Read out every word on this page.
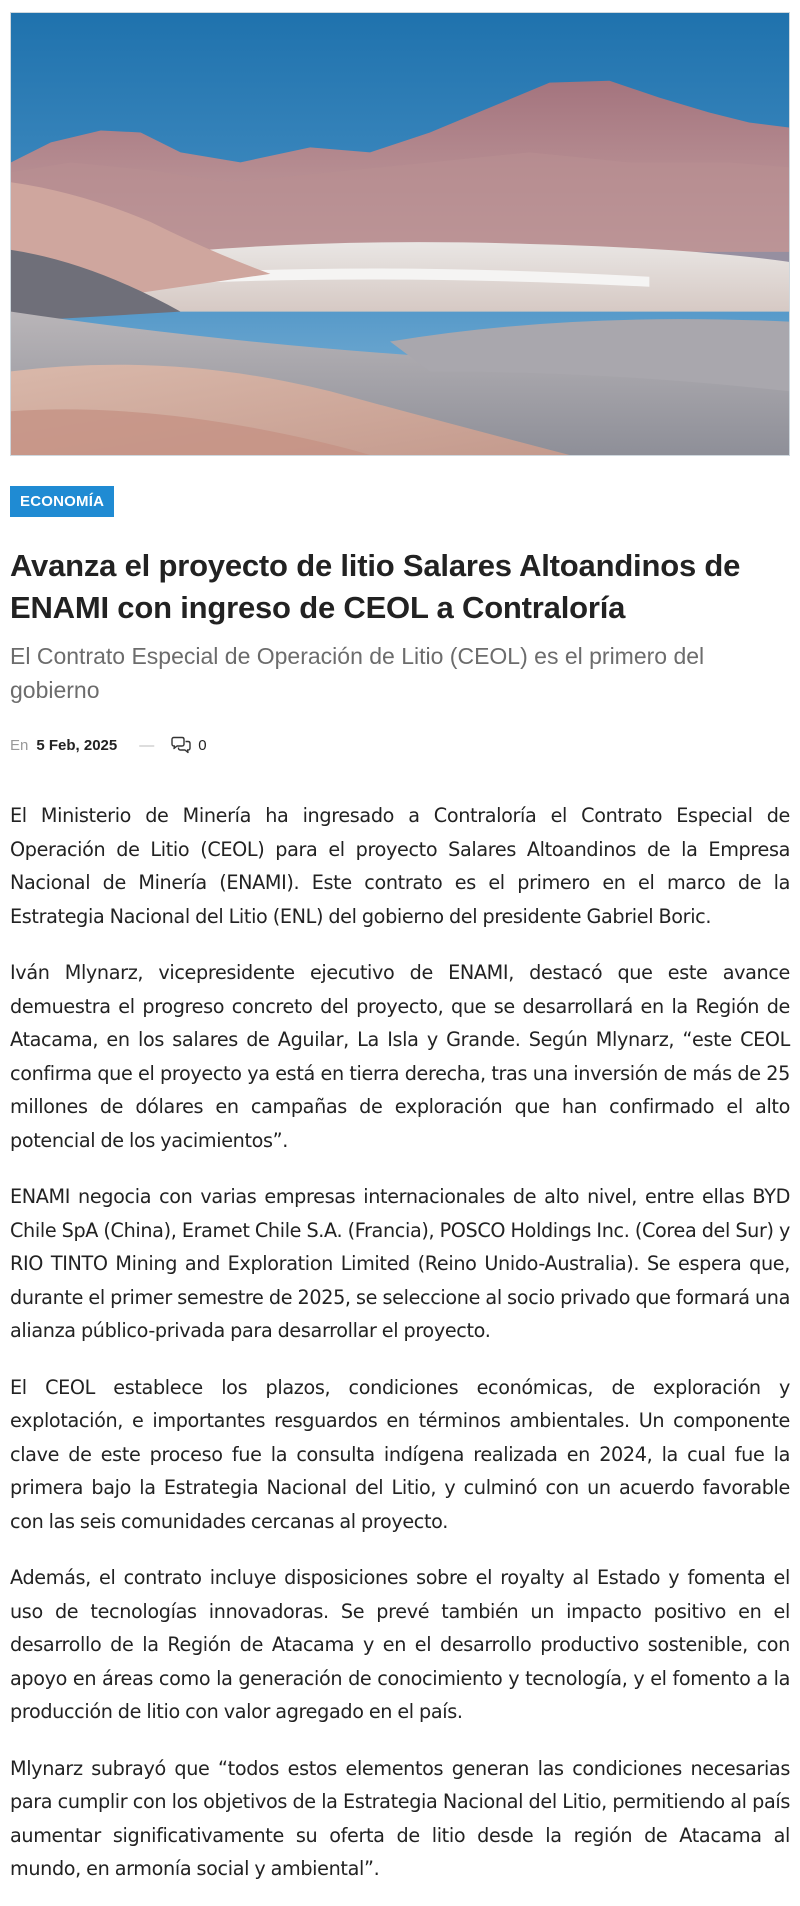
ECONOMÍA
Avanza el proyecto de litio Salares Altoandinos de ENAMI con ingreso de CEOL a Contraloría
El Contrato Especial de Operación de Litio (CEOL) es el primero del gobierno
En 5 Feb, 2025 —	0

El Ministerio de Minería ha ingresado a Contraloría el Contrato Especial de Operación de Litio (CEOL) para el proyecto Salares Altoandinos de la Empresa Nacional de Minería (ENAMI). Este contrato es el primero en el marco de la Estrategia Nacional del Litio (ENL) del gobierno del presidente Gabriel Boric.

Iván Mlynarz, vicepresidente ejecutivo de ENAMI, destacó que este avance demuestra el progreso concreto del proyecto, que se desarrollará en la Región de Atacama, en los salares de Aguilar, La Isla y Grande. Según Mlynarz, “este CEOL confirma que el proyecto ya está en tierra derecha, tras una inversión de más de 25 millones de dólares en campañas de exploración que han confirmado el alto potencial de los yacimientos”.

ENAMI negocia con varias empresas internacionales de alto nivel, entre ellas BYD Chile SpA (China), Eramet Chile S.A. (Francia), POSCO Holdings Inc. (Corea del Sur) y RIO TINTO Mining and Exploration Limited (Reino Unido-Australia). Se espera que, durante el primer semestre de 2025, se seleccione al socio privado que formará una alianza público-privada para desarrollar el proyecto.

El CEOL establece los plazos, condiciones económicas, de exploración y explotación, e importantes resguardos en términos ambientales. Un componente clave de este proceso fue la consulta indígena realizada en 2024, la cual fue la primera bajo la Estrategia Nacional del Litio, y culminó con un acuerdo favorable con las seis comunidades cercanas al proyecto.

Además, el contrato incluye disposiciones sobre el royalty al Estado y fomenta el uso de tecnologías innovadoras. Se prevé también un impacto positivo en el desarrollo de la Región de Atacama y en el desarrollo productivo sostenible, con apoyo en áreas como la generación de conocimiento y tecnología, y el fomento a la producción de litio con valor agregado en el país.

Mlynarz subrayó que “todos estos elementos generan las condiciones necesarias para cumplir con los objetivos de la Estrategia Nacional del Litio, permitiendo al país aumentar significativamente su oferta de litio desde la región de Atacama al mundo, en armonía social y ambiental”.
